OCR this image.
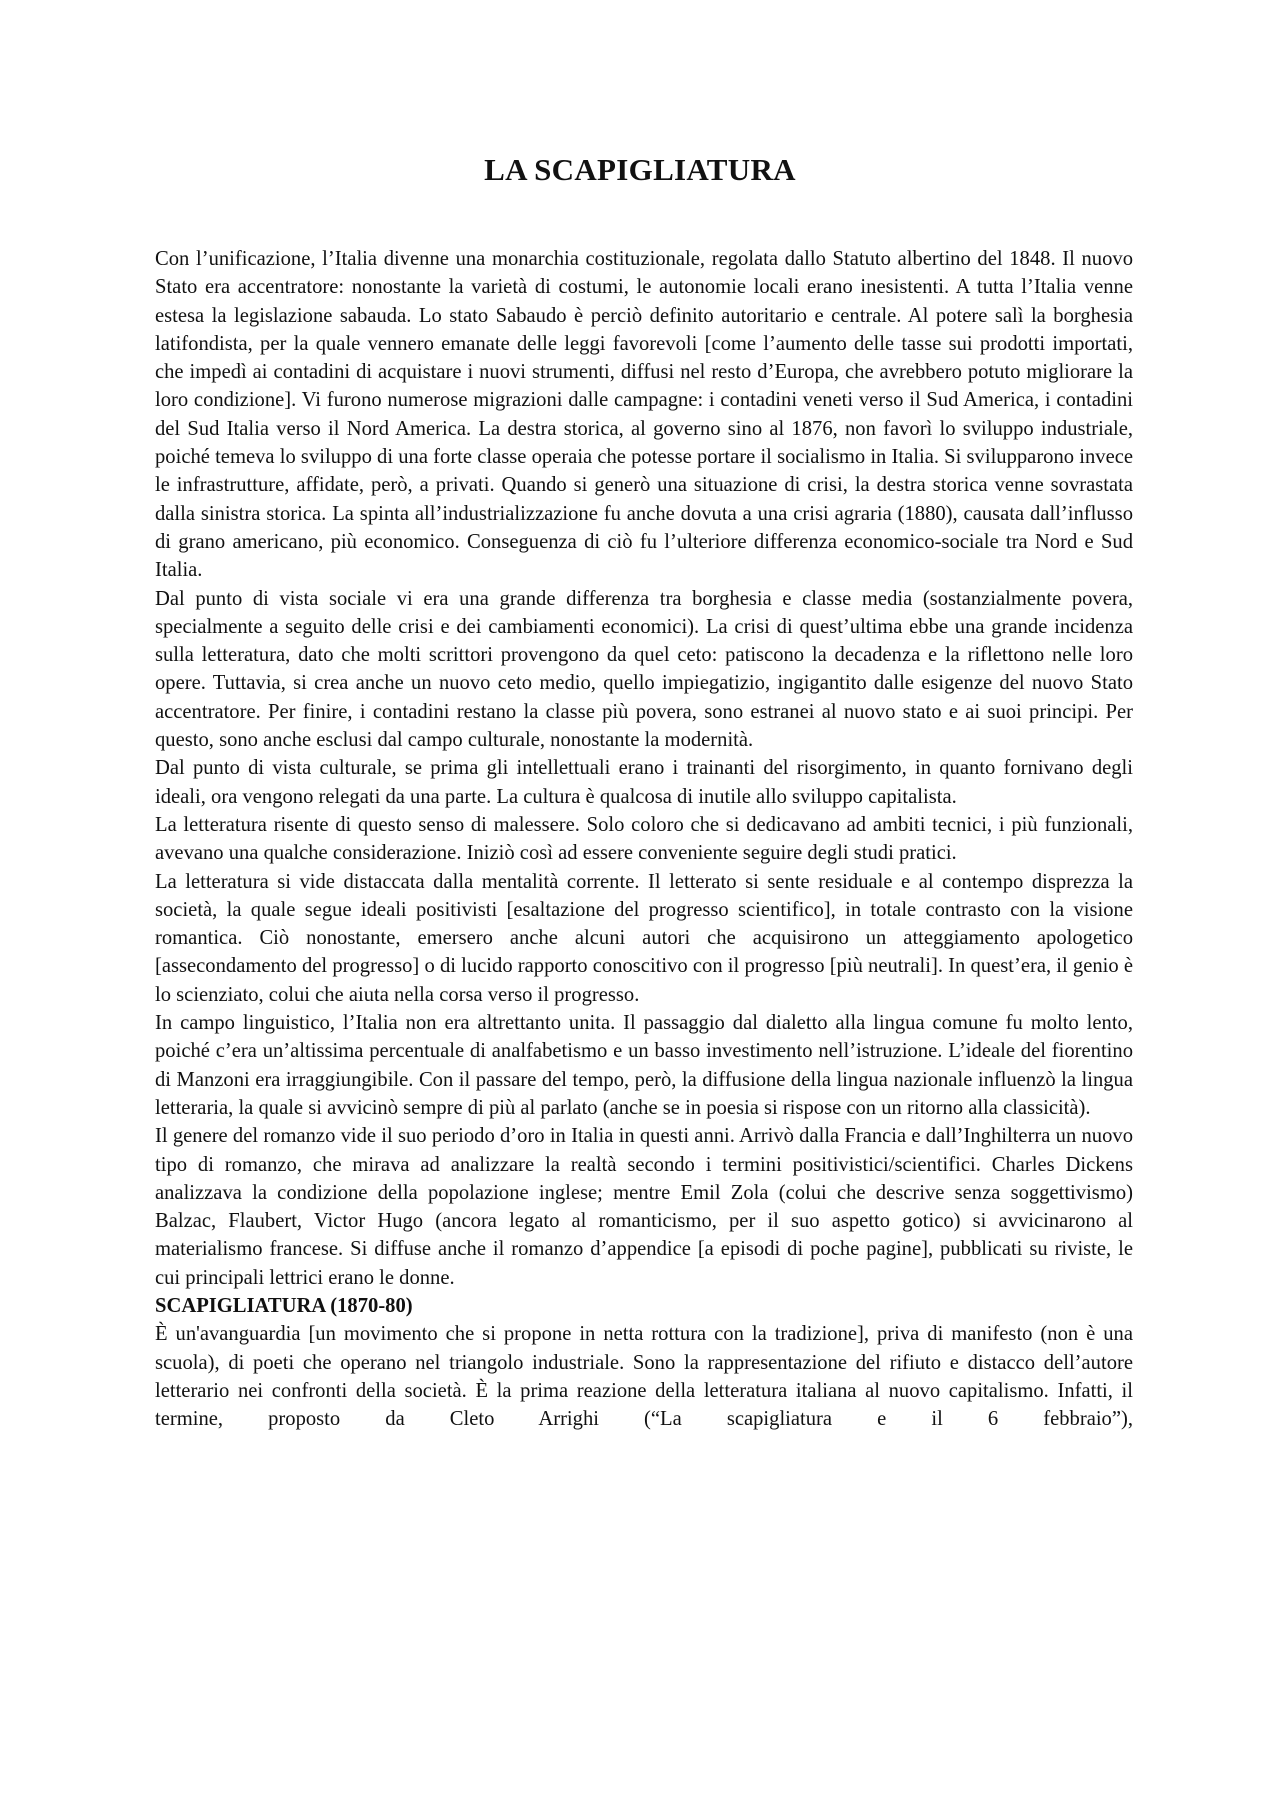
LA SCAPIGLIATURA

Con l’unificazione, l’Italia divenne una monarchia costituzionale, regolata dallo Statuto albertino del 1848. Il nuovo Stato era accentratore: nonostante la varietà di costumi, le autonomie locali erano inesistenti. A tutta l’Italia venne estesa la legislazione sabauda. Lo stato Sabaudo è perciò definito autoritario e centrale. Al potere salì la borghesia latifondista, per la quale vennero emanate delle leggi favorevoli [come l’aumento delle tasse sui prodotti importati, che impedì ai contadini di acquistare i nuovi strumenti, diffusi nel resto d’Europa, che avrebbero potuto migliorare la loro condizione]. Vi furono numerose migrazioni dalle campagne: i contadini veneti verso il Sud America, i contadini del Sud Italia verso il Nord America. La destra storica, al governo sino al 1876, non favorì lo sviluppo industriale, poiché temeva lo sviluppo di una forte classe operaia che potesse portare il socialismo in Italia. Si svilupparono invece le infrastrutture, affidate, però, a privati. Quando si generò una situazione di crisi, la destra storica venne sovrastata dalla sinistra storica. La spinta all’industrializzazione fu anche dovuta a una crisi agraria (1880), causata dall’influsso di grano americano, più economico. Conseguenza di ciò fu l’ulteriore differenza economico-sociale tra Nord e Sud Italia.

Dal punto di vista sociale vi era una grande differenza tra borghesia e classe media (sostanzialmente povera, specialmente a seguito delle crisi e dei cambiamenti economici). La crisi di quest’ultima ebbe una grande incidenza sulla letteratura, dato che molti scrittori provengono da quel ceto: patiscono la decadenza e la riflettono nelle loro opere. Tuttavia, si crea anche un nuovo ceto medio, quello impiegatizio, ingigantito dalle esigenze del nuovo Stato accentratore. Per finire, i contadini restano la classe più povera, sono estranei al nuovo stato e ai suoi principi. Per questo, sono anche esclusi dal campo culturale, nonostante la modernità.

Dal punto di vista culturale, se prima gli intellettuali erano i trainanti del risorgimento, in quanto fornivano degli ideali, ora vengono relegati da una parte. La cultura è qualcosa di inutile allo sviluppo capitalista.

La letteratura risente di questo senso di malessere. Solo coloro che si dedicavano ad ambiti tecnici, i più funzionali, avevano una qualche considerazione. Iniziò così ad essere conveniente seguire degli studi pratici.

La letteratura si vide distaccata dalla mentalità corrente. Il letterato si sente residuale e al contempo disprezza la società, la quale segue ideali positivisti [esaltazione del progresso scientifico], in totale contrasto con la visione romantica. Ciò nonostante, emersero anche alcuni autori che acquisirono un atteggiamento apologetico [assecondamento del progresso] o di lucido rapporto conoscitivo con il progresso [più neutrali]. In quest’era, il genio è lo scienziato, colui che aiuta nella corsa verso il progresso.

In campo linguistico, l’Italia non era altrettanto unita. Il passaggio dal dialetto alla lingua comune fu molto lento, poiché c’era un’altissima percentuale di analfabetismo e un basso investimento nell’istruzione. L’ideale del fiorentino di Manzoni era irraggiungibile. Con il passare del tempo, però, la diffusione della lingua nazionale influenzò la lingua letteraria, la quale si avvicinò sempre di più al parlato (anche se in poesia si rispose con un ritorno alla classicità).

Il genere del romanzo vide il suo periodo d’oro in Italia in questi anni. Arrivò dalla Francia e dall’Inghilterra un nuovo tipo di romanzo, che mirava ad analizzare la realtà secondo i termini positivistici/scientifici. Charles Dickens analizzava la condizione della popolazione inglese; mentre Emil Zola (colui che descrive senza soggettivismo) Balzac, Flaubert, Victor Hugo (ancora legato al romanticismo, per il suo aspetto gotico) si avvicinarono al materialismo francese. Si diffuse anche il romanzo d’appendice [a episodi di poche pagine], pubblicati su riviste, le cui principali lettrici erano le donne.

SCAPIGLIATURA (1870-80)

È un'avanguardia [un movimento che si propone in netta rottura con la tradizione], priva di manifesto (non è una scuola), di poeti che operano nel triangolo industriale. Sono la rappresentazione del rifiuto e distacco dell’autore letterario nei confronti della società. È la prima reazione della letteratura italiana al nuovo capitalismo. Infatti, il termine, proposto da Cleto Arrighi (“La scapigliatura e il 6 febbraio”),
